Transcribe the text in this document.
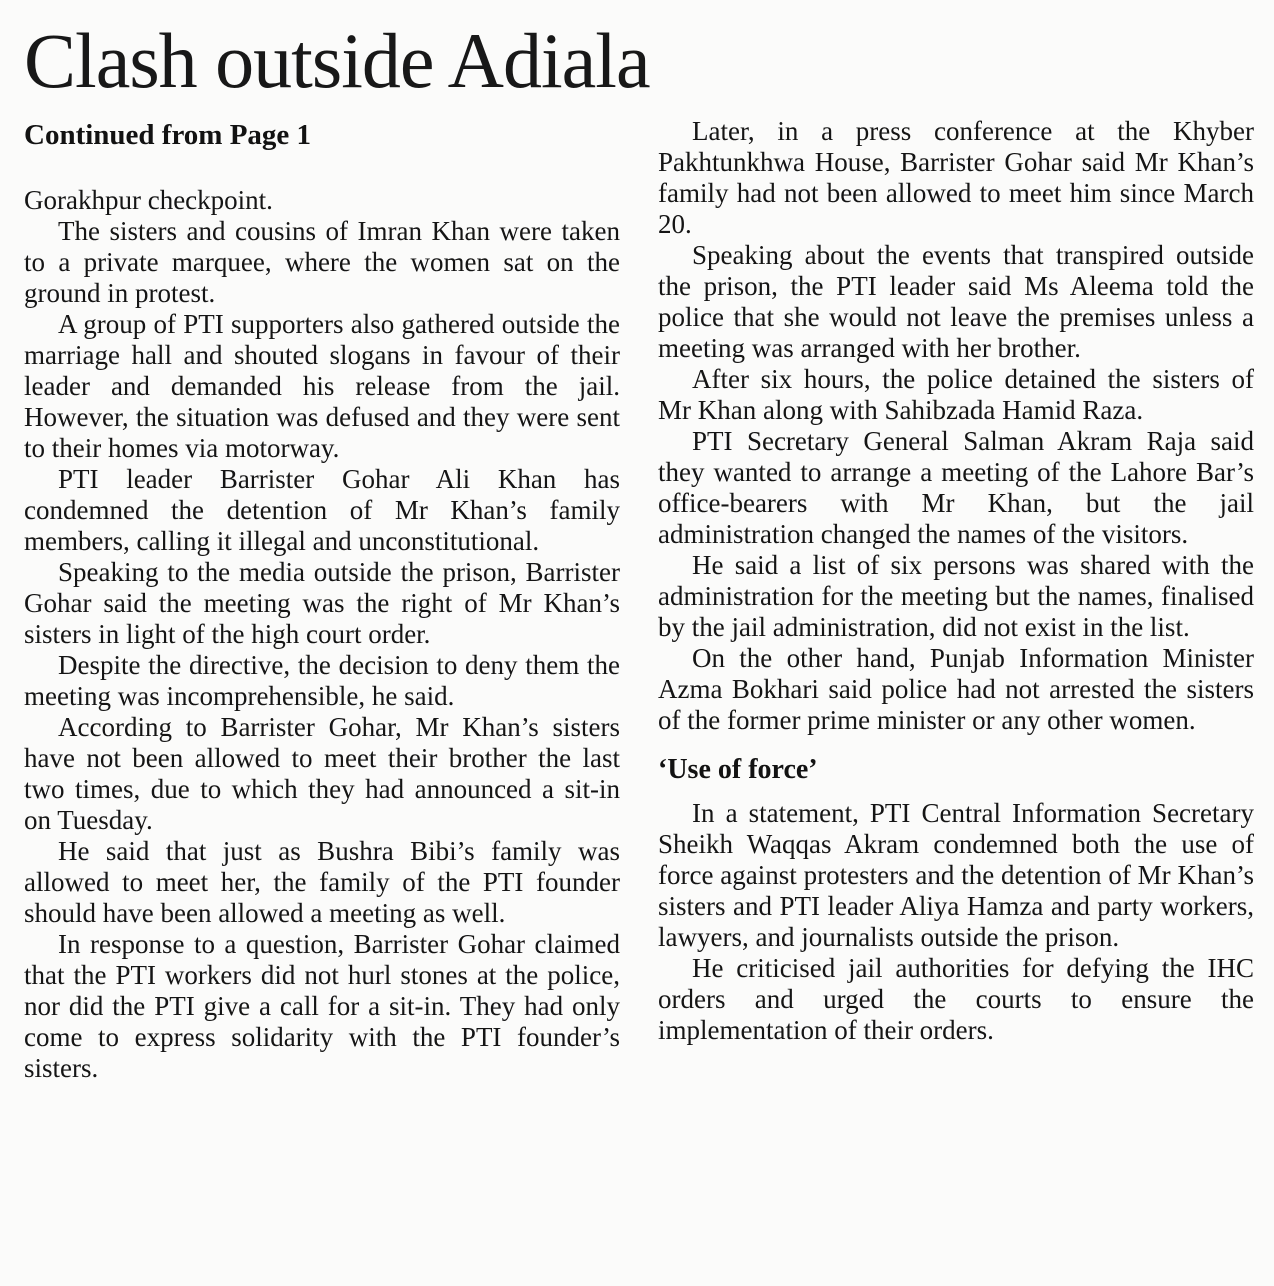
Clash outside Adiala
Continued from Page 1

Gorakhpur checkpoint.

The sisters and cousins of Imran Khan were taken to a private marquee, where the women sat on the ground in protest.

A group of PTI supporters also gathered outside the marriage hall and shouted slogans in favour of their leader and demanded his release from the jail. However, the situation was defused and they were sent to their homes via motorway.

PTI leader Barrister Gohar Ali Khan has condemned the detention of Mr Khan’s family members, calling it illegal and unconstitutional.

Speaking to the media outside the prison, Barrister Gohar said the meeting was the right of Mr Khan’s sisters in light of the high court order.

Despite the directive, the decision to deny them the meeting was incomprehensible, he said.

According to Barrister Gohar, Mr Khan’s sisters have not been allowed to meet their brother the last two times, due to which they had announced a sit-in on Tuesday.

He said that just as Bushra Bibi’s family was allowed to meet her, the family of the PTI founder should have been allowed a meeting as well.

In response to a question, Barrister Gohar claimed that the PTI workers did not hurl stones at the police, nor did the PTI give a call for a sit-in. They had only come to express solidarity with the PTI founder’s sisters.

Later, in a press conference at the Khyber Pakhtunkhwa House, Barrister Gohar said Mr Khan’s family had not been allowed to meet him since March 20.

Speaking about the events that transpired outside the prison, the PTI leader said Ms Aleema told the police that she would not leave the premises unless a meeting was arranged with her brother.

After six hours, the police detained the sisters of Mr Khan along with Sahibzada Hamid Raza.

PTI Secretary General Salman Akram Raja said they wanted to arrange a meeting of the Lahore Bar’s office-bearers with Mr Khan, but the jail administration changed the names of the visitors.

He said a list of six persons was shared with the administration for the meeting but the names, finalised by the jail administration, did not exist in the list.

On the other hand, Punjab Information Minister Azma Bokhari said police had not arrested the sisters of the former prime minister or any other women.

‘Use of force’

In a statement, PTI Central Information Secretary Sheikh Waqqas Akram condemned both the use of force against protesters and the detention of Mr Khan’s sisters and PTI leader Aliya Hamza and party workers, lawyers, and journalists outside the prison.

He criticised jail authorities for defying the IHC orders and urged the courts to ensure the implementation of their orders.
